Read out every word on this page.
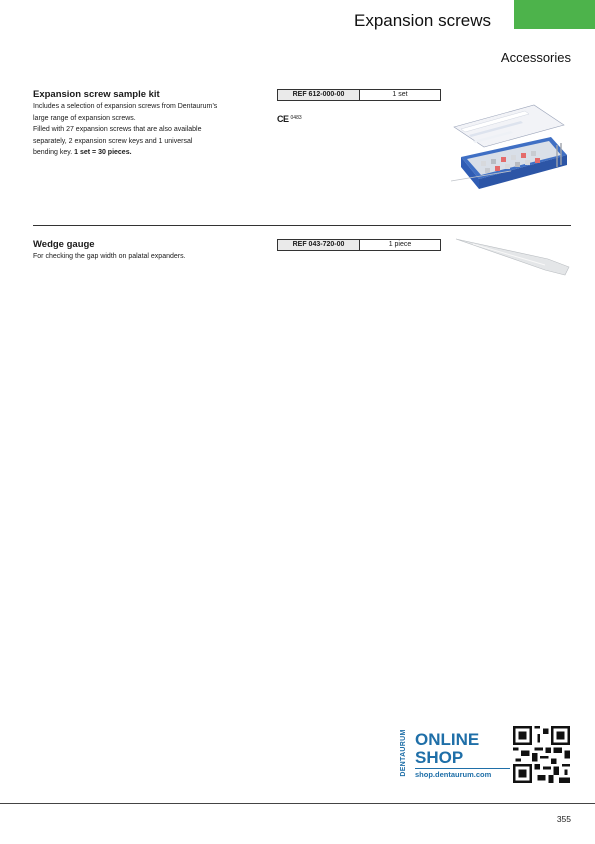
Expansion screws
Accessories
Expansion screw sample kit
Includes a selection of expansion screws from Dentaurum’s
large range of expansion screws.
Filled with 27 expansion screws that are also available
separately, 2 expansion screw keys and 1 universal
bending key. 1 set = 30 pieces.
REF 612-000-00	1 set
CE 0483
Wedge gauge
For checking the gap width on palatal expanders.
REF 043-720-00	1 piece
DENTAURUM ONLINE
SHOP
shop.dentaurum.com
355
